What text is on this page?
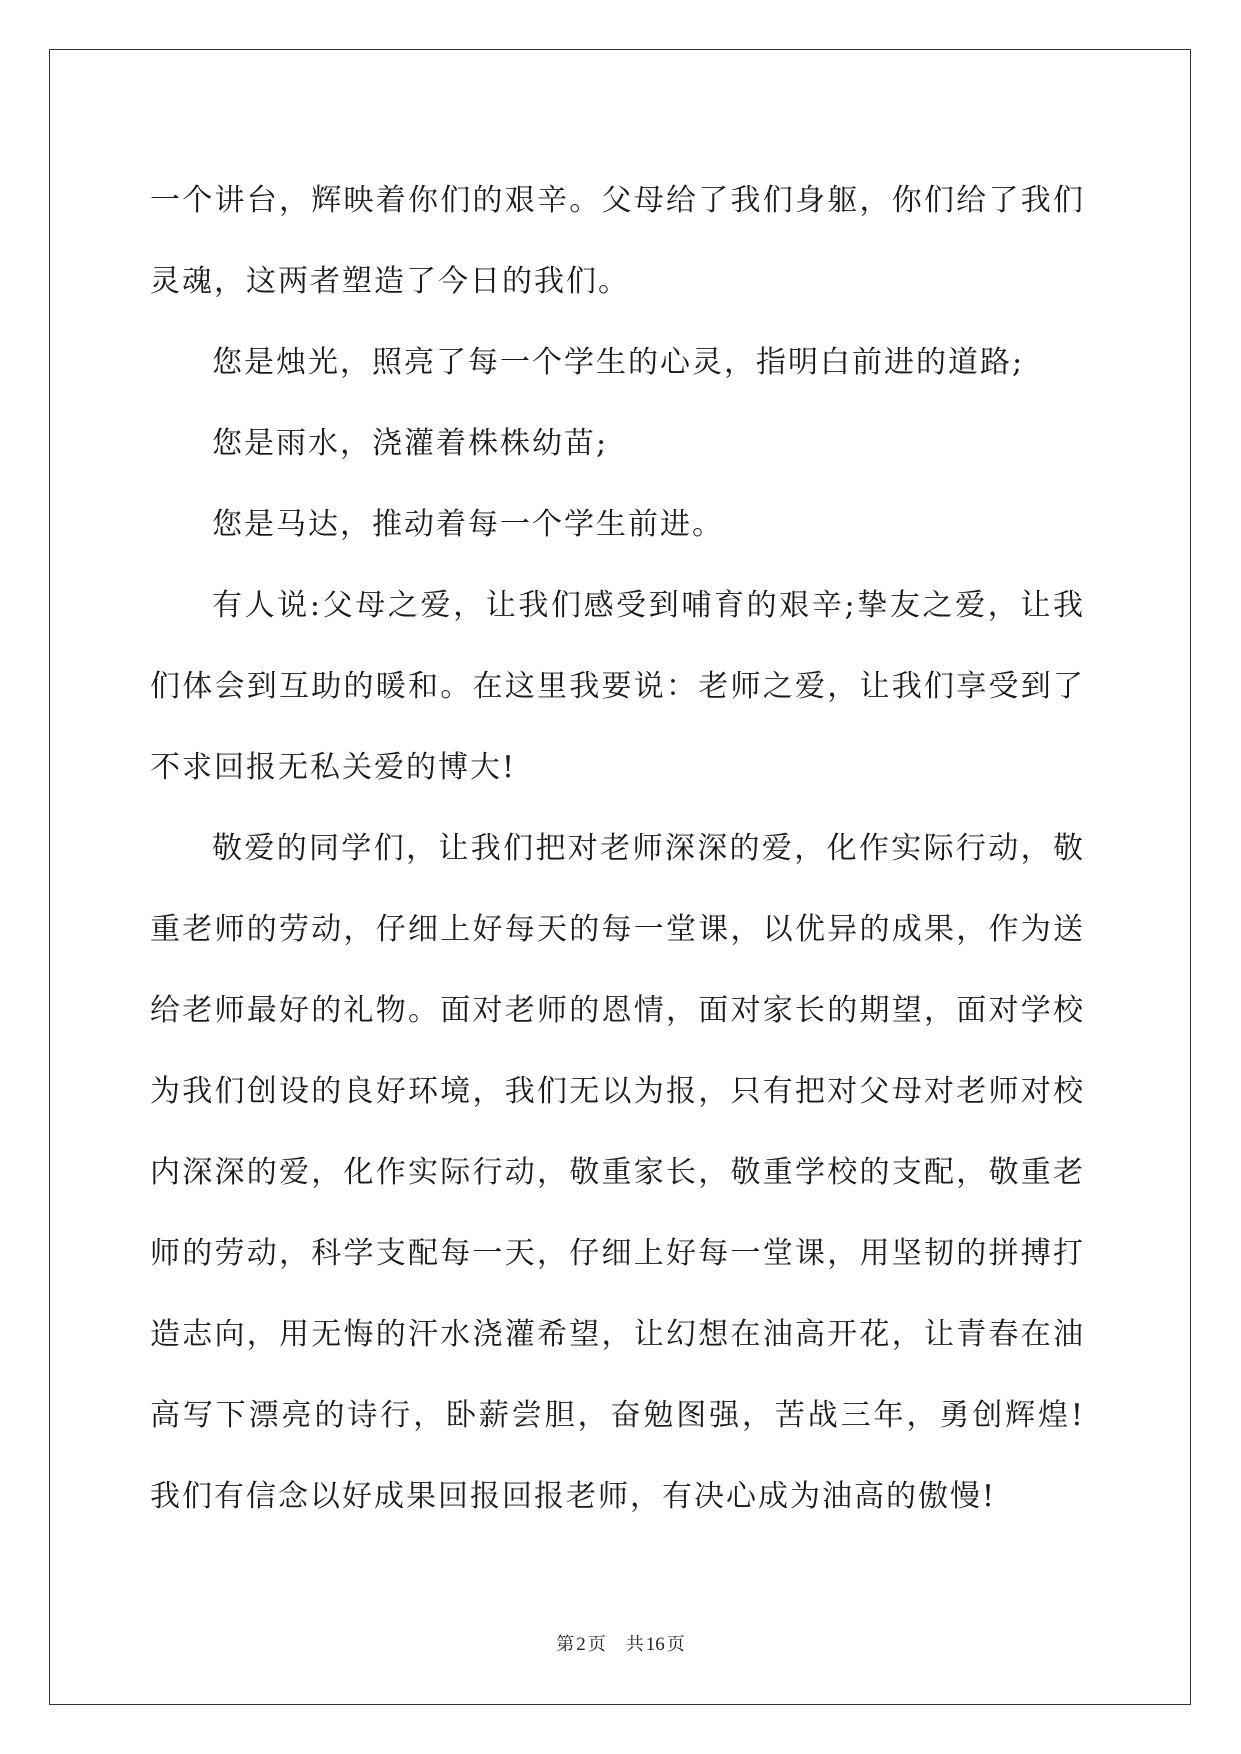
一个讲台，辉映着你们的艰辛。父母给了我们身躯，你们给了我们灵魂，这两者塑造了今日的我们。

您是烛光，照亮了每一个学生的心灵，指明白前进的道路;

您是雨水，浇灌着株株幼苗;

您是马达，推动着每一个学生前进。

有人说:父母之爱，让我们感受到哺育的艰辛;挚友之爱，让我们体会到互助的暖和。在这里我要说：老师之爱，让我们享受到了不求回报无私关爱的博大!

敬爱的同学们，让我们把对老师深深的爱，化作实际行动，敬重老师的劳动，仔细上好每天的每一堂课，以优异的成果，作为送给老师最好的礼物。面对老师的恩情，面对家长的期望，面对学校为我们创设的良好环境，我们无以为报，只有把对父母对老师对校内深深的爱，化作实际行动，敬重家长，敬重学校的支配，敬重老师的劳动，科学支配每一天，仔细上好每一堂课，用坚韧的拼搏打造志向，用无悔的汗水浇灌希望，让幻想在油高开花，让青春在油高写下漂亮的诗行，卧薪尝胆，奋勉图强，苦战三年，勇创辉煌!我们有信念以好成果回报回报老师，有决心成为油高的傲慢!

第 2 页 共 16 页
